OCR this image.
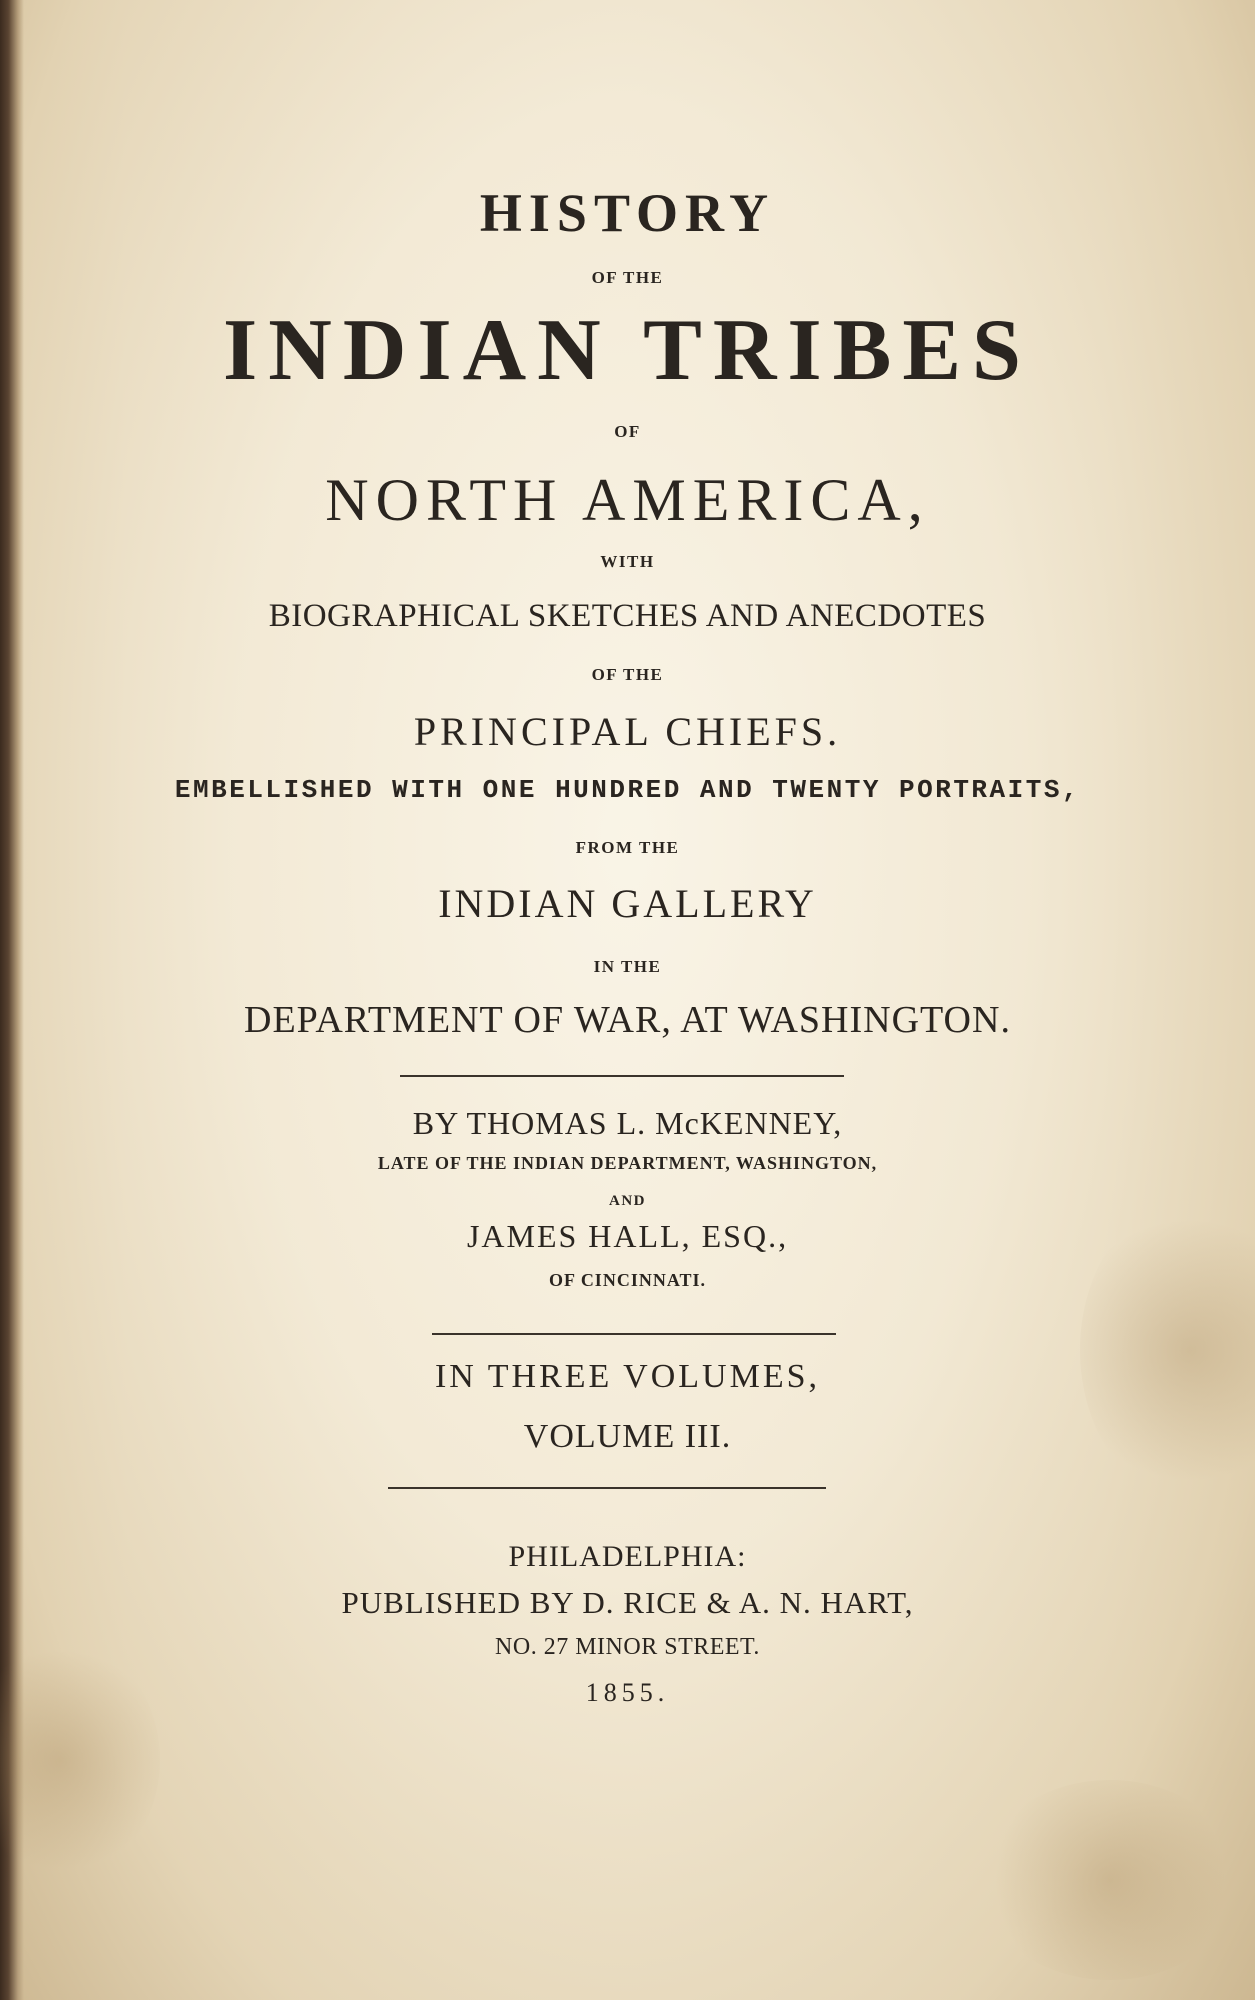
HISTORY
OF THE
INDIAN TRIBES
OF
NORTH AMERICA,
WITH
BIOGRAPHICAL SKETCHES AND ANECDOTES
OF THE
PRINCIPAL CHIEFS.
EMBELLISHED WITH ONE HUNDRED AND TWENTY PORTRAITS,
FROM THE
INDIAN GALLERY
IN THE
DEPARTMENT OF WAR, AT WASHINGTON.
BY THOMAS L. McKENNEY,
LATE OF THE INDIAN DEPARTMENT, WASHINGTON,
AND
JAMES HALL, ESQ.,
OF CINCINNATI.
IN THREE VOLUMES,
VOLUME III.
PHILADELPHIA:
PUBLISHED BY D. RICE & A. N. HART,
NO. 27 MINOR STREET.
1855.
